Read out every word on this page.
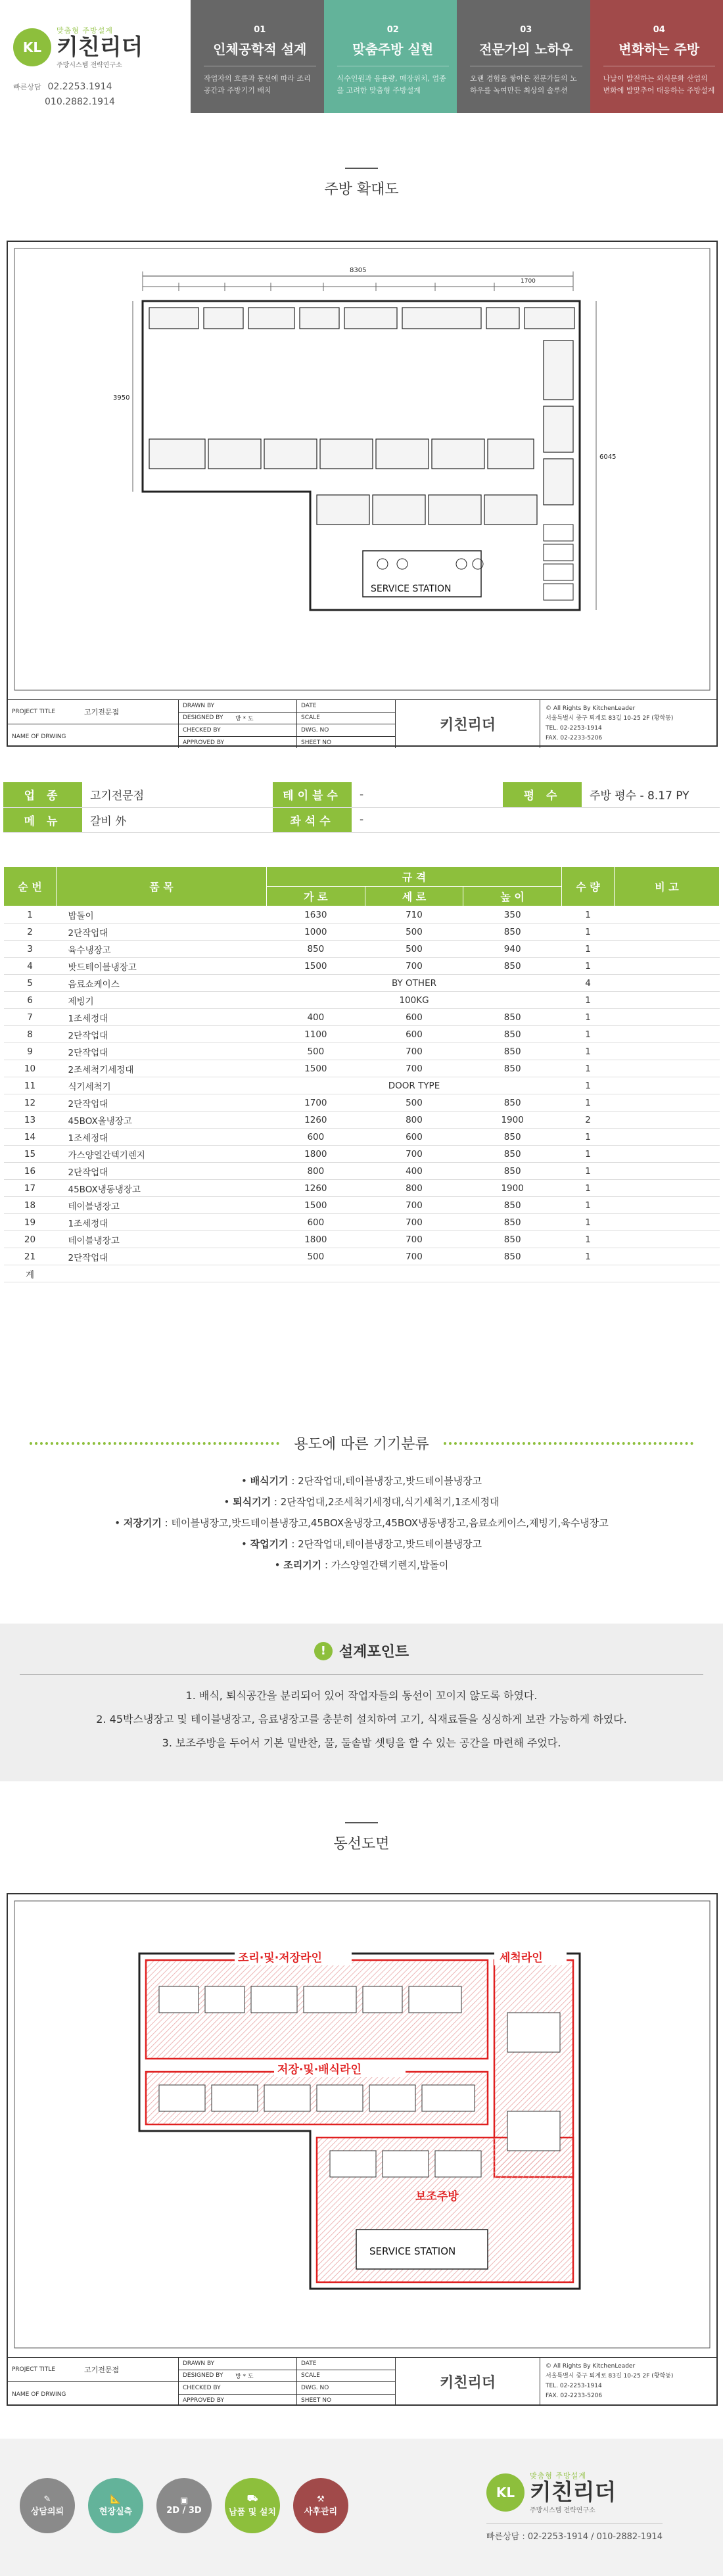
KL
맞춤형 주방설계
키친리더
주방시스템 전략연구소
빠른상담 02.2253.1914
010.2882.1914
01
인체공학적 설계
작업자의 흐름과 동선에 따라 조리공간과 주방기기 배치
02
맞춤주방 실현
식수인원과 음용량, 매장위치, 업종을 고려한 맞춤형 주방설계
03
전문가의 노하우
오랜 경험을 쌓아온 전문가들의 노하우를 녹여만든 최상의 솔루션
04
변화하는 주방
나날이 발전하는 외식문화 산업의 변화에 발맞추어 대응하는 주방설계
주방 확대도
8305
SERVICE STATION
3950
6045
1700
PROJECT TITLE	고기전문점
NAME OF DRWING
DRAWN BY
DESIGNED BY	방 * 도
CHECKED BY
APPROVED BY
DATE
SCALE
DWG. NO
SHEET NO
키친리더
© All Rights By KitchenLeader
서울특별시 중구 퇴계로 83길 10-25 2F (황학동)
TEL. 02-2253-1914
FAX. 02-2233-5206
업 종	고기전문점	테이블수	-	평 수	주방 평수 - 8.17 PY
메 뉴	갈비 外	좌석수	-		
순 번	품 목	규 격			수 량	비 고
		가 로	세 로	높 이		
1	밥돌이	1630	710	350	1	
2	2단작업대	1000	500	850	1	
3	육수냉장고	850	500	940	1	
4	밧드테이블냉장고	1500	700	850	1	
5	음료쇼케이스	BY OTHER			4	
6	제빙기	100KG			1	
7	1조세정대	400	600	850	1	
8	2단작업대	1100	600	850	1	
9	2단작업대	500	700	850	1	
10	2조세척기세정대	1500	700	850	1	
11	식기세척기	DOOR TYPE			1	
12	2단작업대	1700	500	850	1	
13	45BOX올냉장고	1260	800	1900	2	
14	1조세정대	600	600	850	1	
15	가스양열간텍기렌지	1800	700	850	1	
16	2단작업대	800	400	850	1	
17	45BOX냉동냉장고	1260	800	1900	1	
18	테이블냉장고	1500	700	850	1	
19	1조세정대	600	700	850	1	
20	테이블냉장고	1800	700	850	1	
21	2단작업대	500	700	850	1	
계						
용도에 따른 기기분류
• 배식기기 : 2단작업대,테이블냉장고,밧드테이블냉장고
• 퇴식기기 : 2단작업대,2조세척기세정대,식기세척기,1조세정대
• 저장기기 : 테이블냉장고,밧드테이블냉장고,45BOX올냉장고,45BOX냉동냉장고,음료쇼케이스,제빙기,육수냉장고
• 작업기기 : 2단작업대,테이블냉장고,밧드테이블냉장고
• 조리기기 : 가스양열간텍기렌지,밥돌이
! 설계포인트
1. 배식, 퇴식공간을 분리되어 있어 작업자들의 동선이 꼬이지 않도록 하였다.
2. 45박스냉장고 및 테이블냉장고, 음료냉장고를 충분히 설치하여 고기, 식재료들을 싱싱하게 보관 가능하게 하였다.
3. 보조주방을 두어서 기본 밑반찬, 물, 둘솥밥 셋팅을 할 수 있는 공간을 마련해 주었다.
동선도면
조리·및·저장라인	세척라인
저장·및·배식라인
보조주방
SERVICE STATION
PROJECT TITLE	고기전문점
NAME OF DRWING
DRAWN BY
DESIGNED BY	방 * 도
CHECKED BY
APPROVED BY
DATE
SCALE
DWG. NO
SHEET NO
키친리더
© All Rights By KitchenLeader
서울특별시 중구 퇴계로 83길 10-25 2F (황학동)
TEL. 02-2253-1914
FAX. 02-2233-5206
✎
상담의뢰
📐
현장실측
▣
2D / 3D
⛟
납품 및 설치
⚒
사후관리
KL
맞춤형 주방설계
키친리더
주방시스템 전략연구소
빠른상담 : 02-2253-1914 / 010-2882-1914
